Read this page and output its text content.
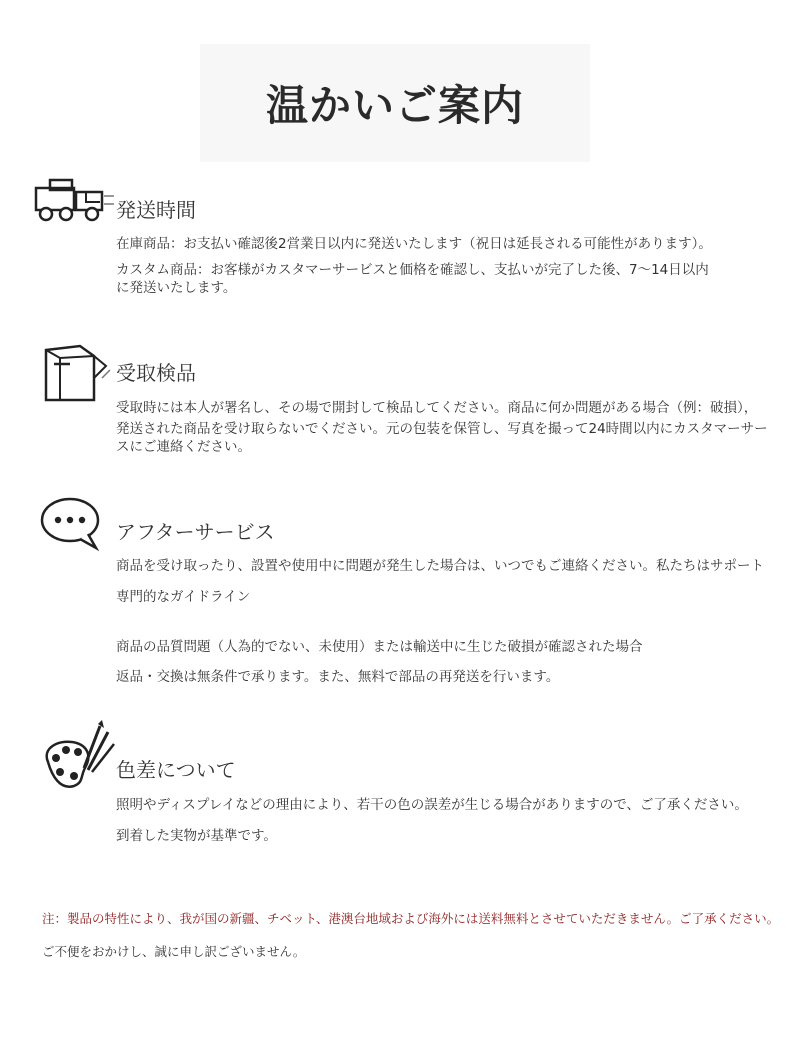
温かいご案内
発送時間
在庫商品：お支払い確認後2営業日以内に発送いたします（祝日は延長される可能性があります）。
カスタム商品：お客様がカスタマーサービスと価格を確認し、支払いが完了した後、7〜14日以内
に発送いたします。
受取検品
受取時には本人が署名し、その場で開封して検品してください。商品に何か問題がある場合（例：破損），
発送された商品を受け取らないでください。元の包装を保管し、写真を撮って24時間以内にカスタマーサー
スにご連絡ください。
アフターサービス
商品を受け取ったり、設置や使用中に問題が発生した場合は、いつでもご連絡ください。私たちはサポート
専門的なガイドライン
商品の品質問題（人為的でない、未使用）または輸送中に生じた破損が確認された場合
返品・交換は無条件で承ります。また、無料で部品の再発送を行います。
色差について
照明やディスプレイなどの理由により、若干の色の誤差が生じる場合がありますので、ご了承ください。
到着した実物が基準です。
注：製品の特性により、我が国の新疆、チベット、港澳台地域および海外には送料無料とさせていただきません。ご了承ください。
ご不便をおかけし、誠に申し訳ございません。
